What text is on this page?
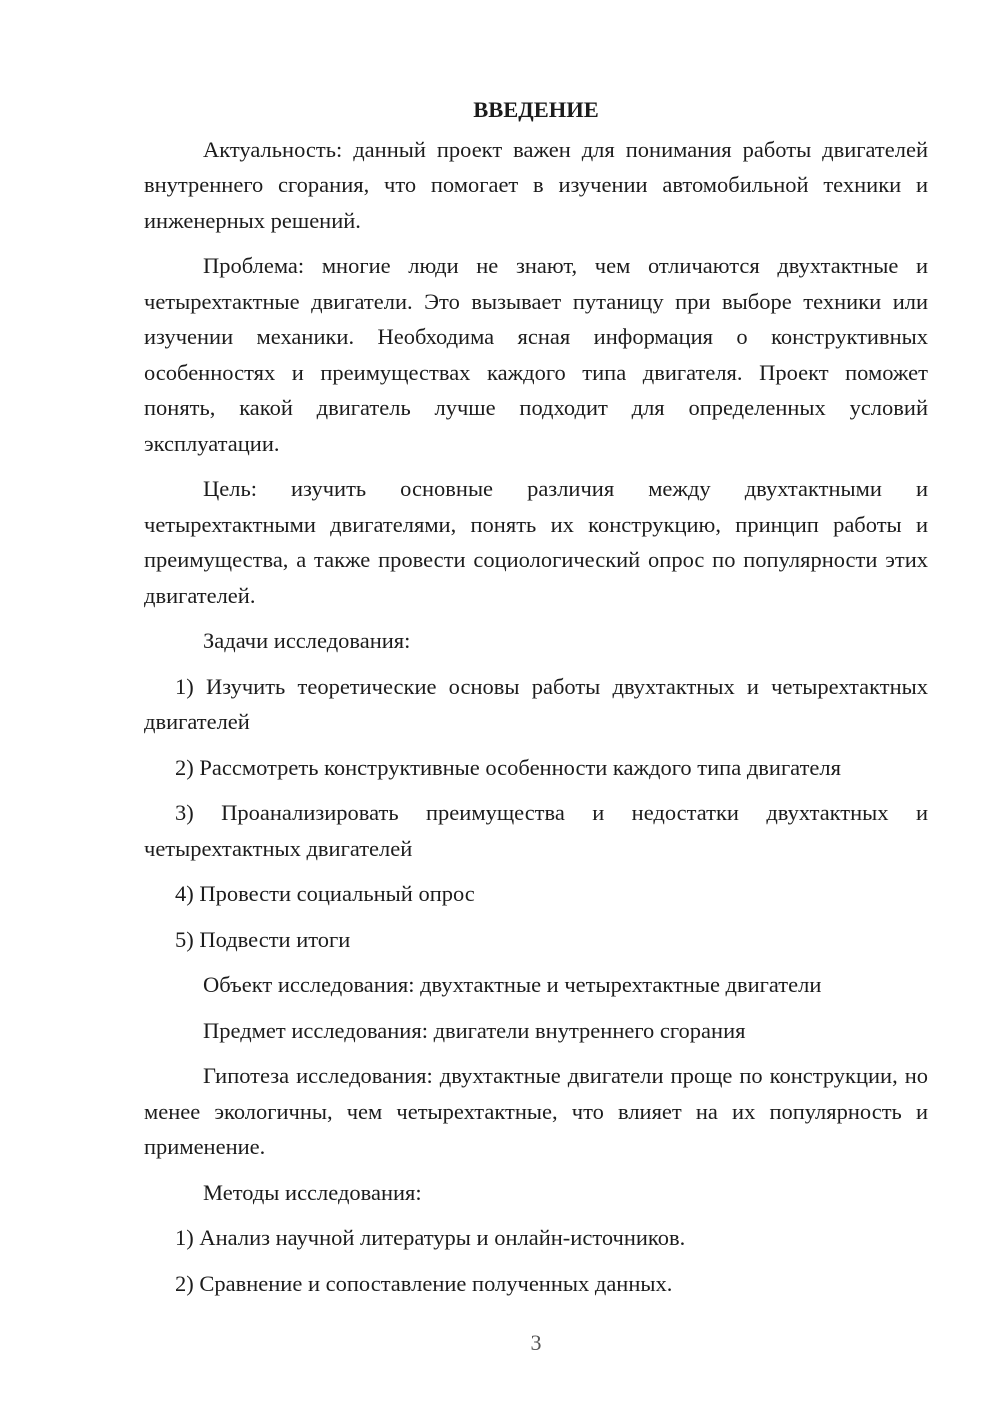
ВВЕДЕНИЕ
Актуальность: данный проект важен для понимания работы двигателей внутреннего сгорания, что помогает в изучении автомобильной техники и инженерных решений.
Проблема: многие люди не знают, чем отличаются двухтактные и четырехтактные двигатели. Это вызывает путаницу при выборе техники или изучении механики. Необходима ясная информация о конструктивных особенностях и преимуществах каждого типа двигателя. Проект поможет понять, какой двигатель лучше подходит для определенных условий эксплуатации.
Цель: изучить основные различия между двухтактными и четырехтактными двигателями, понять их конструкцию, принцип работы и преимущества, а также провести социологический опрос по популярности этих двигателей.
Задачи исследования:
1) Изучить теоретические основы работы двухтактных и четырехтактных двигателей
2) Рассмотреть конструктивные особенности каждого типа двигателя
3) Проанализировать преимущества и недостатки двухтактных и четырехтактных двигателей
4) Провести социальный опрос
5) Подвести итоги
Объект исследования: двухтактные и четырехтактные двигатели
Предмет исследования: двигатели внутреннего сгорания
Гипотеза исследования: двухтактные двигатели проще по конструкции, но менее экологичны, чем четырехтактные, что влияет на их популярность и применение.
Методы исследования:
1) Анализ научной литературы и онлайн-источников.
2) Сравнение и сопоставление полученных данных.
3
